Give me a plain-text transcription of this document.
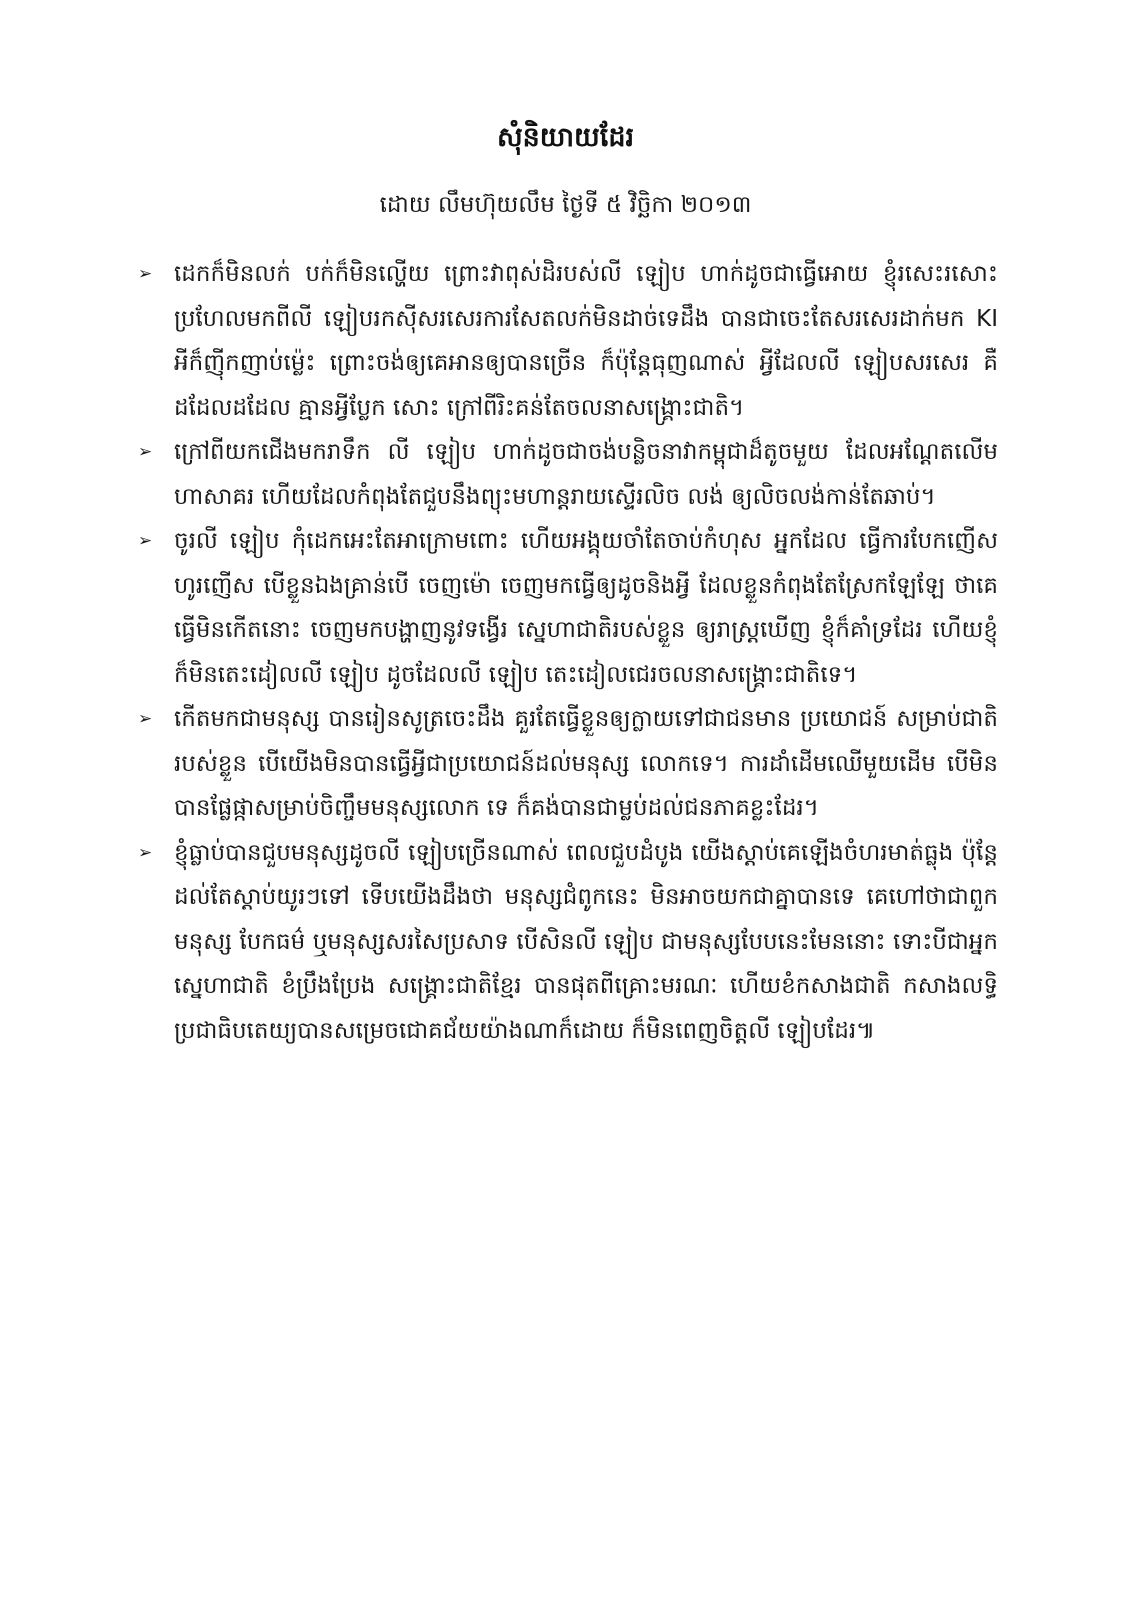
សុំនិយាយដែរ
ដោយ លឹមហ៊ុយលឹម ថ្ងៃទី ៥ វិច្ឆិកា ២០១៣
➢ ដេកក៏មិនលក់ បក់ក៏មិនល្ហើយ ព្រោះវាពុស់ដិរបស់លី ឡៀប ហាក់ដូចជាធ្វើអោយ ខ្ញុំរសេះរសោះ ប្រហែលមកពីលី ឡៀបរកស៊ីសរសេរការសែតលក់មិនដាច់ទេដឹង បានជាចេះតែសរសេរដាក់មក KI អីក៏ញ៉ីកញាប់ម្ល៉េះ ព្រោះចង់ឲ្យគេអានឲ្យបានច្រើន ក៏ប៉ុន្តែធុញណាស់ អ្វីដែលលី ឡៀបសរសេរ គឺដដែលដដែល គ្មានអ្វីប្លែក សោះ ក្រៅពីរិះគន់តែចលនាសង្គ្រោះជាតិ។
➢ ក្រៅពីយកជើងមករាទឹក លី ឡៀប ហាក់ដូចជាចង់បន្លិចនាវាកម្ពុជាដ៏តូចមួយ ដែលអណ្តែតលើមហាសាគរ ហើយដែលកំពុងតែជួបនឹងព្យុះមហាន្តរាយស្ទើរលិច លង់ ឲ្យលិចលង់កាន់តែឆាប់។
➢ ចូរលី ឡៀប កុំដេកអេះតែអាក្រោមពោះ ហើយអង្គុយចាំតែចាប់កំហុស អ្នកដែល ធ្វើការបែកញើសហូរញើស បើខ្លួនឯងគ្រាន់បើ ចេញម៉ោ ចេញមកធ្វើឲ្យដូចនិងអ្វី ដែលខ្លួនកំពុងតែស្រែកឡែឡែ ថាគេធ្វើមិនកើតនោះ ចេញមកបង្ហាញនូវទង្វើរ ស្នេហាជាតិរបស់ខ្លួន ឲ្យរាស្ត្រឃើញ ខ្ញុំក៏គាំទ្រដែរ ហើយខ្ញុំក៏មិនតេះដៀលលី ឡៀប ដូចដែលលី ឡៀប តេះដៀលជេរចលនាសង្គ្រោះជាតិទេ។
➢ កើតមកជាមនុស្ស បានរៀនសូត្រចេះដឹង គួរតែធ្វើខ្លួនឲ្យក្លាយទៅជាជនមាន ប្រយោជន៍ សម្រាប់ជាតិរបស់ខ្លួន បើយើងមិនបានធ្វើអ្វីជាប្រយោជន៍ដល់មនុស្ស លោកទេ។ ការដាំដើមឈើមួយដើម បើមិនបានផ្លែផ្កាសម្រាប់ចិញ្ចឹមមនុស្សលោក ទេ ក៏គង់បានជាម្លប់ដល់ជនភាគខ្លះដែរ។
➢ ខ្ញុំធ្លាប់បានជួបមនុស្សដូចលី ឡៀបច្រើនណាស់ ពេលជួបដំបូង យើងស្តាប់គេឡើងចំហរមាត់ធ្លុង ប៉ុន្តែដល់តែស្តាប់យូរៗទៅ ទើបយើងដឹងថា មនុស្សជំពូកនេះ មិនអាចយកជាគ្នាបានទេ គេហៅថាជាពួកមនុស្ស បែកធម៌ ឬមនុស្សសរសៃប្រសាទ បើសិនលី ឡៀប ជាមនុស្សបែបនេះមែននោះ ទោះបីជាអ្នកស្នេហាជាតិ ខំប្រឹងប្រែង សង្គ្រោះជាតិខ្មែរ បានផុតពីគ្រោះមរណៈ ហើយខំកសាងជាតិ កសាងលទ្ធិប្រជាធិបតេយ្យបានសម្រេចជោគជ័យយ៉ាងណាក៏ដោយ ក៏មិនពេញចិត្តលី ឡៀបដែរ៕
